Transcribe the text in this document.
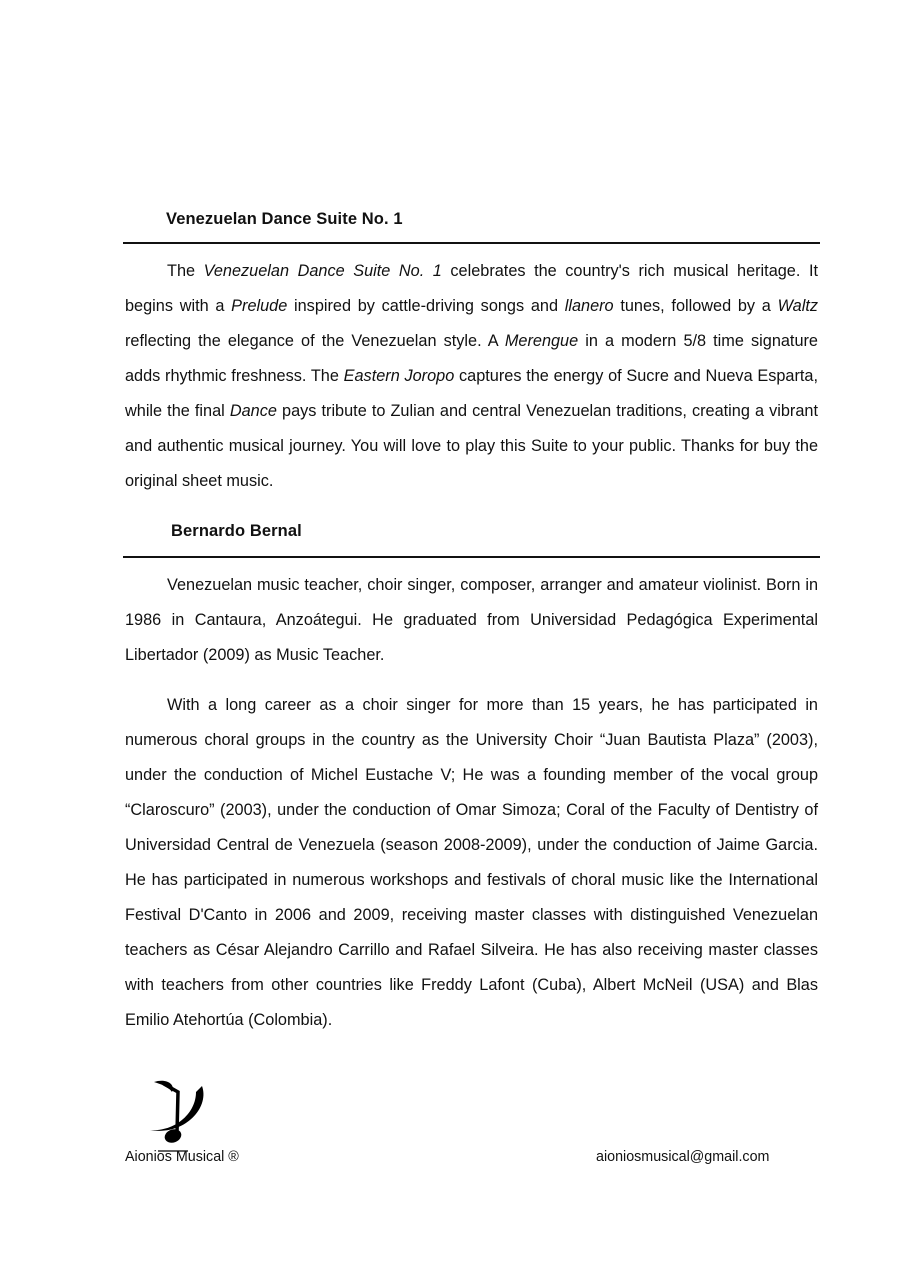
Venezuelan Dance Suite No. 1

The Venezuelan Dance Suite No. 1 celebrates the country's rich musical heritage. It begins with a Prelude inspired by cattle-driving songs and llanero tunes, followed by a Waltz reflecting the elegance of the Venezuelan style. A Merengue in a modern 5/8 time signature adds rhythmic freshness. The Eastern Joropo captures the energy of Sucre and Nueva Esparta, while the final Dance pays tribute to Zulian and central Venezuelan traditions, creating a vibrant and authentic musical journey. You will love to play this Suite to your public. Thanks for buy the original sheet music.

Bernardo Bernal

Venezuelan music teacher, choir singer, composer, arranger and amateur violinist. Born in 1986 in Cantaura, Anzoátegui. He graduated from Universidad Pedagógica Experimental Libertador (2009) as Music Teacher.

With a long career as a choir singer for more than 15 years, he has participated in numerous choral groups in the country as the University Choir “Juan Bautista Plaza” (2003), under the conduction of Michel Eustache V; He was a founding member of the vocal group “Claroscuro” (2003), under the conduction of Omar Simoza; Coral of the Faculty of Dentistry of Universidad Central de Venezuela (season 2008-2009), under the conduction of Jaime Garcia. He has participated in numerous workshops and festivals of choral music like the International Festival D'Canto in 2006 and 2009, receiving master classes with distinguished Venezuelan teachers as César Alejandro Carrillo and Rafael Silveira. He has also receiving master classes with teachers from other countries like Freddy Lafont (Cuba), Albert McNeil (USA) and Blas Emilio Atehortúa (Colombia).

Aionios Musical ®	aioniosmusical@gmail.com
